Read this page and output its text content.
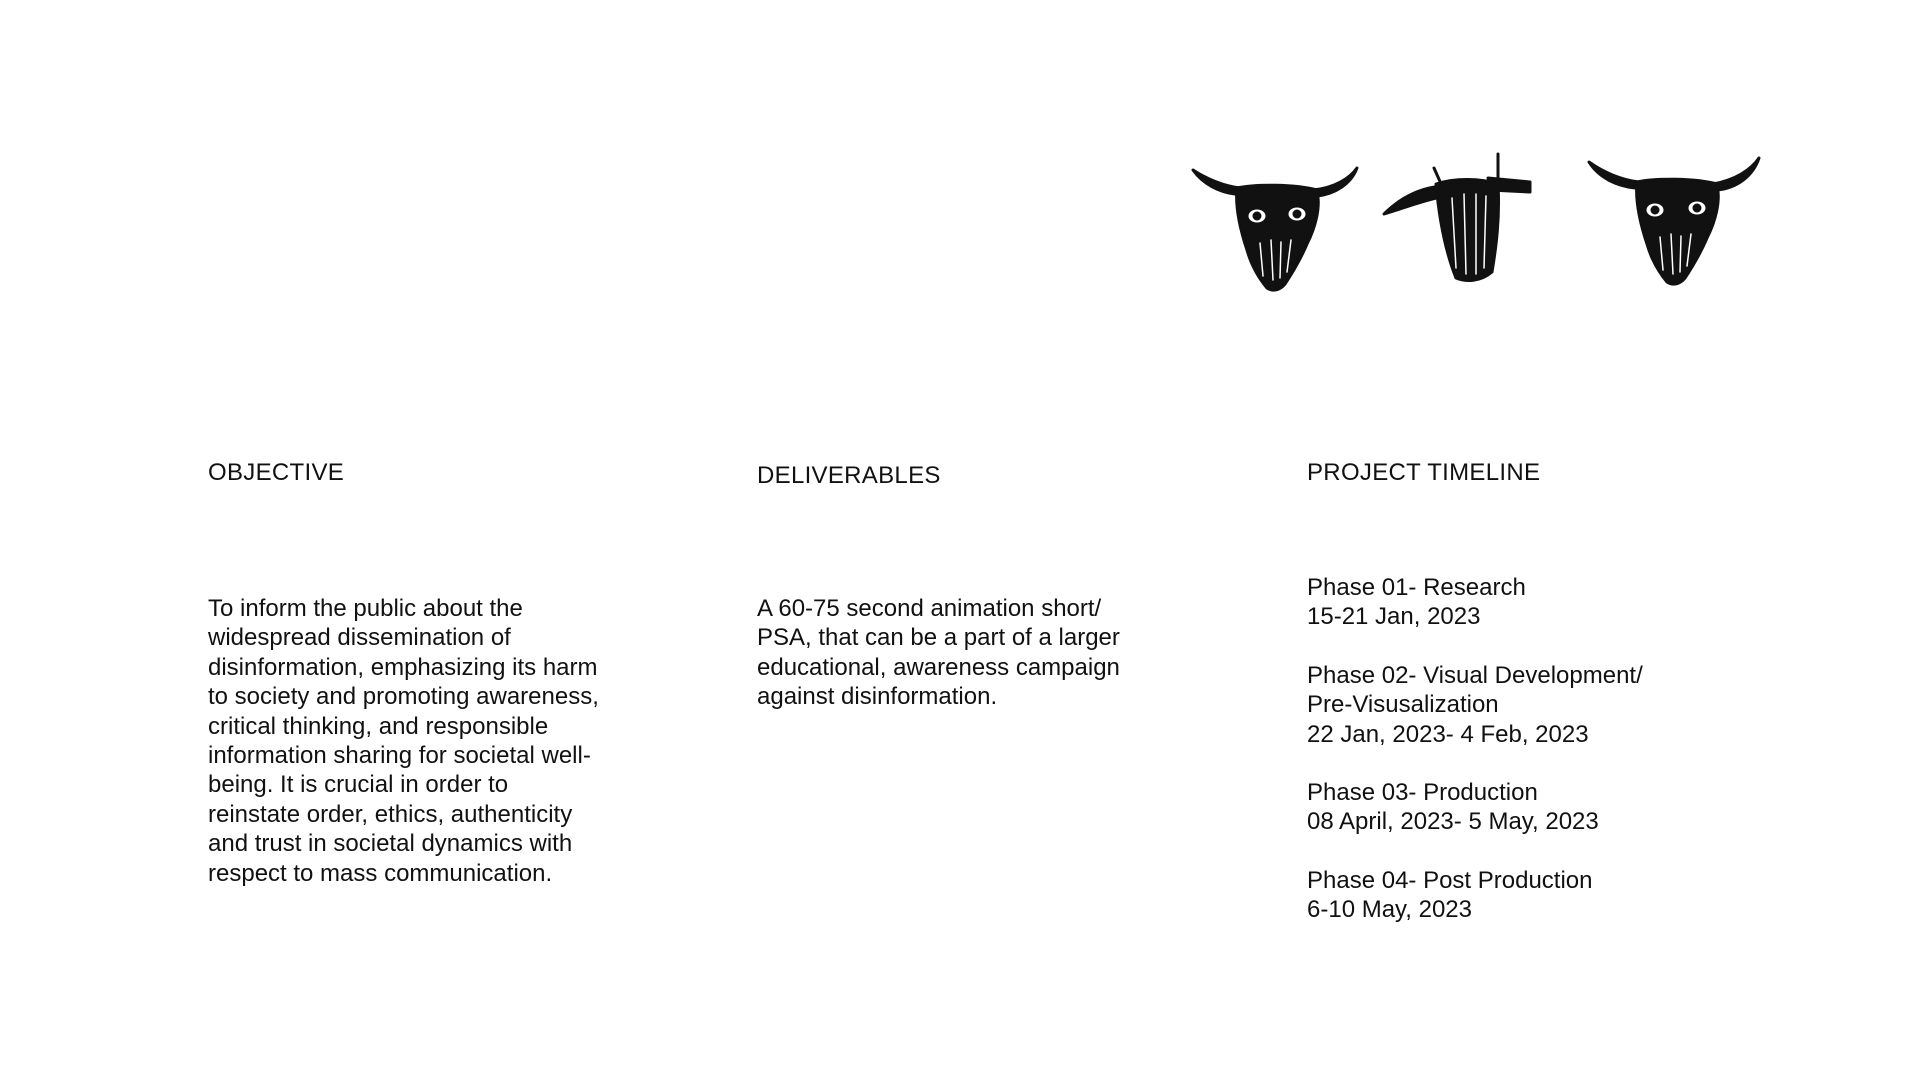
OBJECTIVE	DELIVERABLES	PROJECT TIMELINE

To inform the public about the
widespread dissemination of
disinformation, emphasizing its harm
to society and promoting awareness,
critical thinking, and responsible
information sharing for societal well-
being. It is crucial in order to
reinstate order, ethics, authenticity
and trust in societal dynamics with
respect to mass communication.

A 60-75 second animation short/
PSA, that can be a part of a larger
educational, awareness campaign
against disinformation.

Phase 01- Research
15-21 Jan, 2023
Phase 02- Visual Development/
Pre-Visusalization
22 Jan, 2023- 4 Feb, 2023
Phase 03- Production
08 April, 2023- 5 May, 2023
Phase 04- Post Production
6-10 May, 2023
